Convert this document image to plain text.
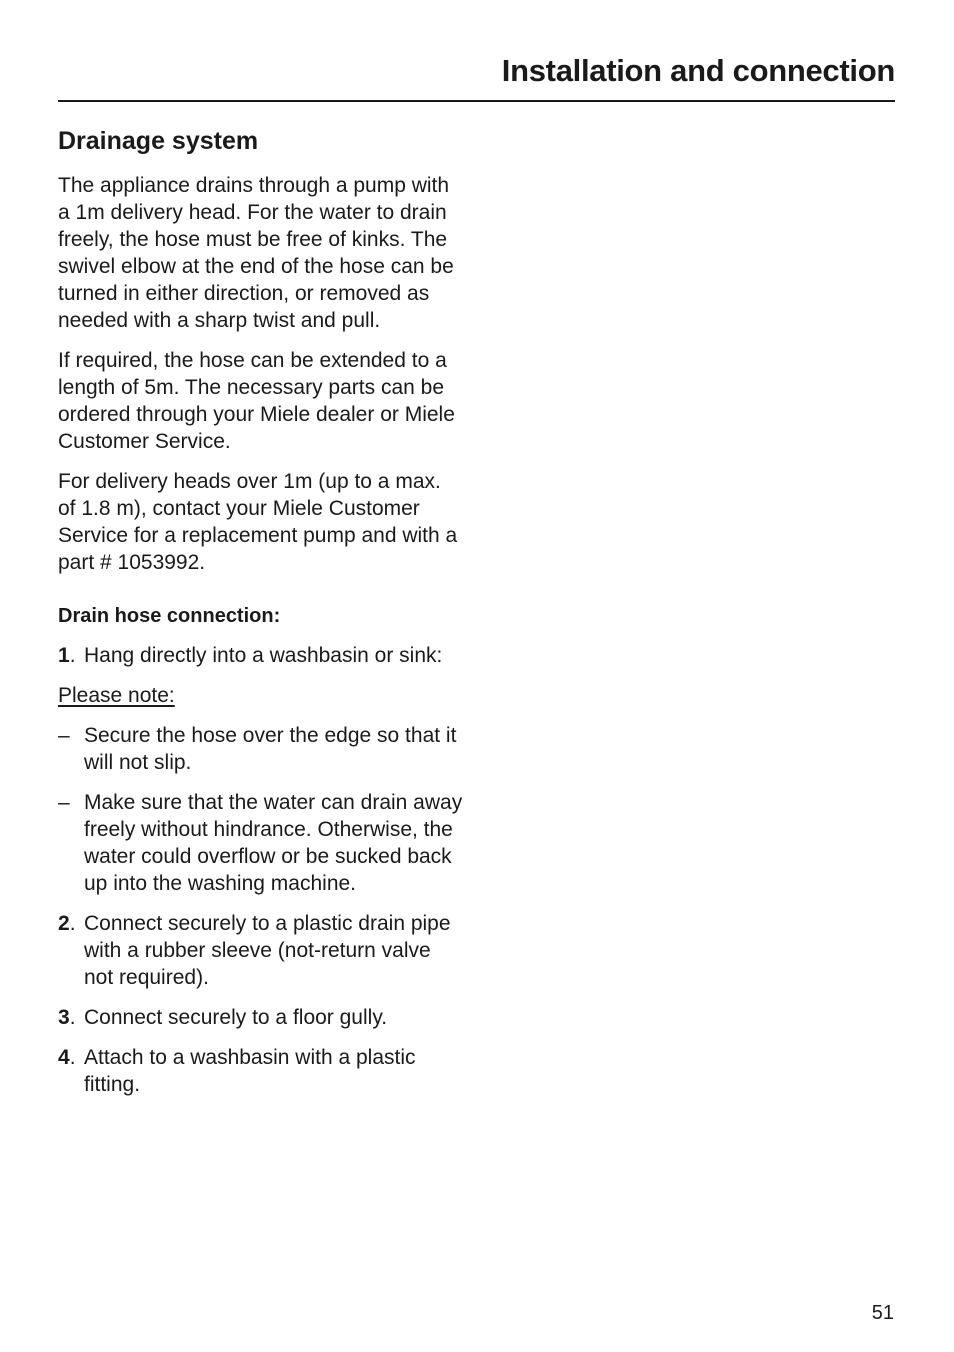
Installation and connection
Drainage system

The appliance drains through a pump with a 1m delivery head. For the water to drain freely, the hose must be free of kinks. The swivel elbow at the end of the hose can be turned in either direction, or removed as needed with a sharp twist and pull.

If required, the hose can be extended to a length of 5m. The necessary parts can be ordered through your Miele dealer or Miele Customer Service.

For delivery heads over 1m (up to a max. of 1.8 m), contact your Miele Customer Service for a replacement pump and with a part # 1053992.

Drain hose connection:
1. Hang directly into a washbasin or sink:
Please note:
– Secure the hose over the edge so that it will not slip.
– Make sure that the water can drain away freely without hindrance. Otherwise, the water could overflow or be sucked back up into the washing machine.
2. Connect securely to a plastic drain pipe with a rubber sleeve (not-return valve not required).
3. Connect securely to a floor gully.
4. Attach to a washbasin with a plastic fitting.
51
